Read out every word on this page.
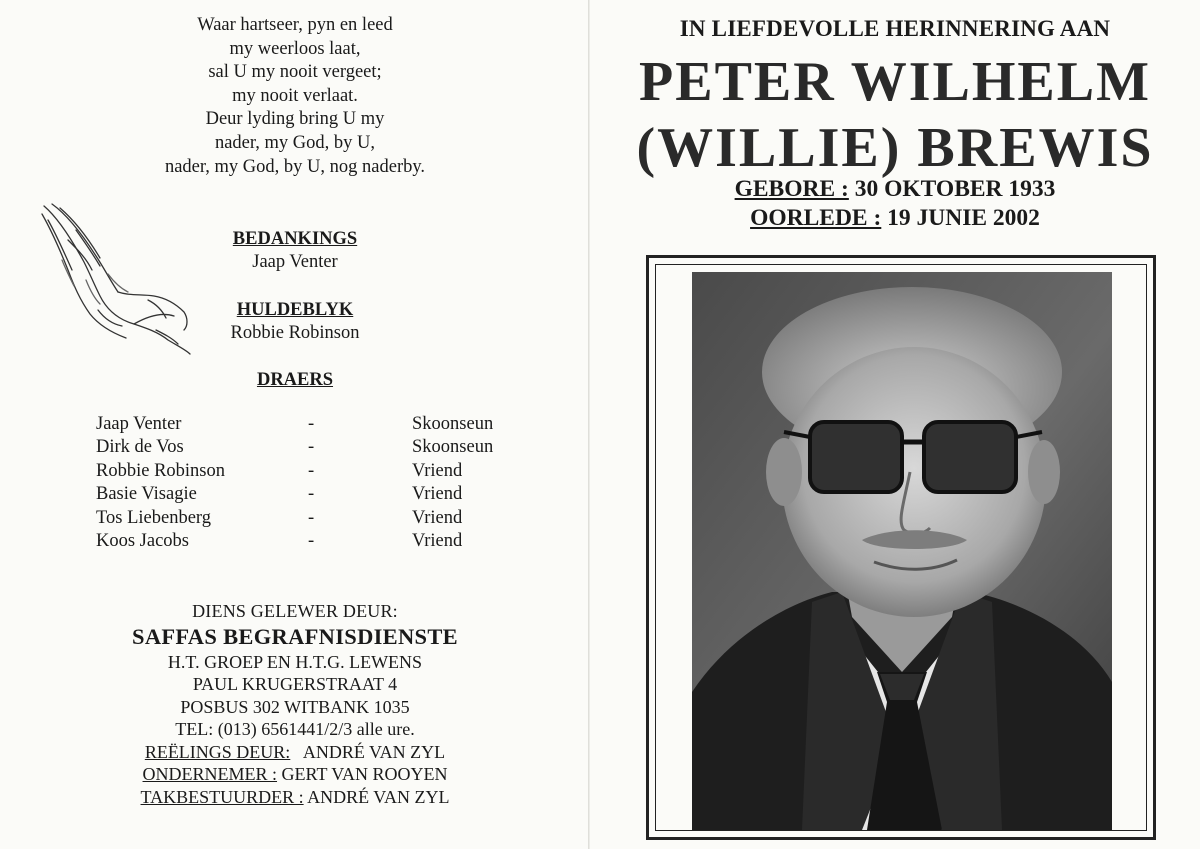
Waar hartseer, pyn en leed
my weerloos laat,
sal U my nooit vergeet;
my nooit verlaat.
Deur lyding bring U my
nader, my God, by U,
nader, my God, by U, nog naderby.
BEDANKINGS
Jaap Venter
HULDEBLYK
Robbie Robinson
DRAERS
Jaap Venter	-	Skoonseun
Dirk de Vos	-	Skoonseun
Robbie Robinson	-	Vriend
Basie Visagie	-	Vriend
Tos Liebenberg	-	Vriend
Koos Jacobs	-	Vriend
DIENS GELEWER DEUR:
SAFFAS BEGRAFNISDIENSTE
H.T. GROEP EN H.T.G. LEWENS
PAUL KRUGERSTRAAT 4
POSBUS 302 WITBANK 1035
TEL: (013) 6561441/2/3 alle ure.
REËLINGS DEUR: ANDRÉ VAN ZYL
ONDERNEMER : GERT VAN ROOYEN
TAKBESTUURDER : ANDRÉ VAN ZYL
IN LIEFDEVOLLE HERINNERING AAN
PETER WILHELM
(WILLIE) BREWIS
GEBORE : 30 OKTOBER 1933
OORLEDE : 19 JUNIE 2002
